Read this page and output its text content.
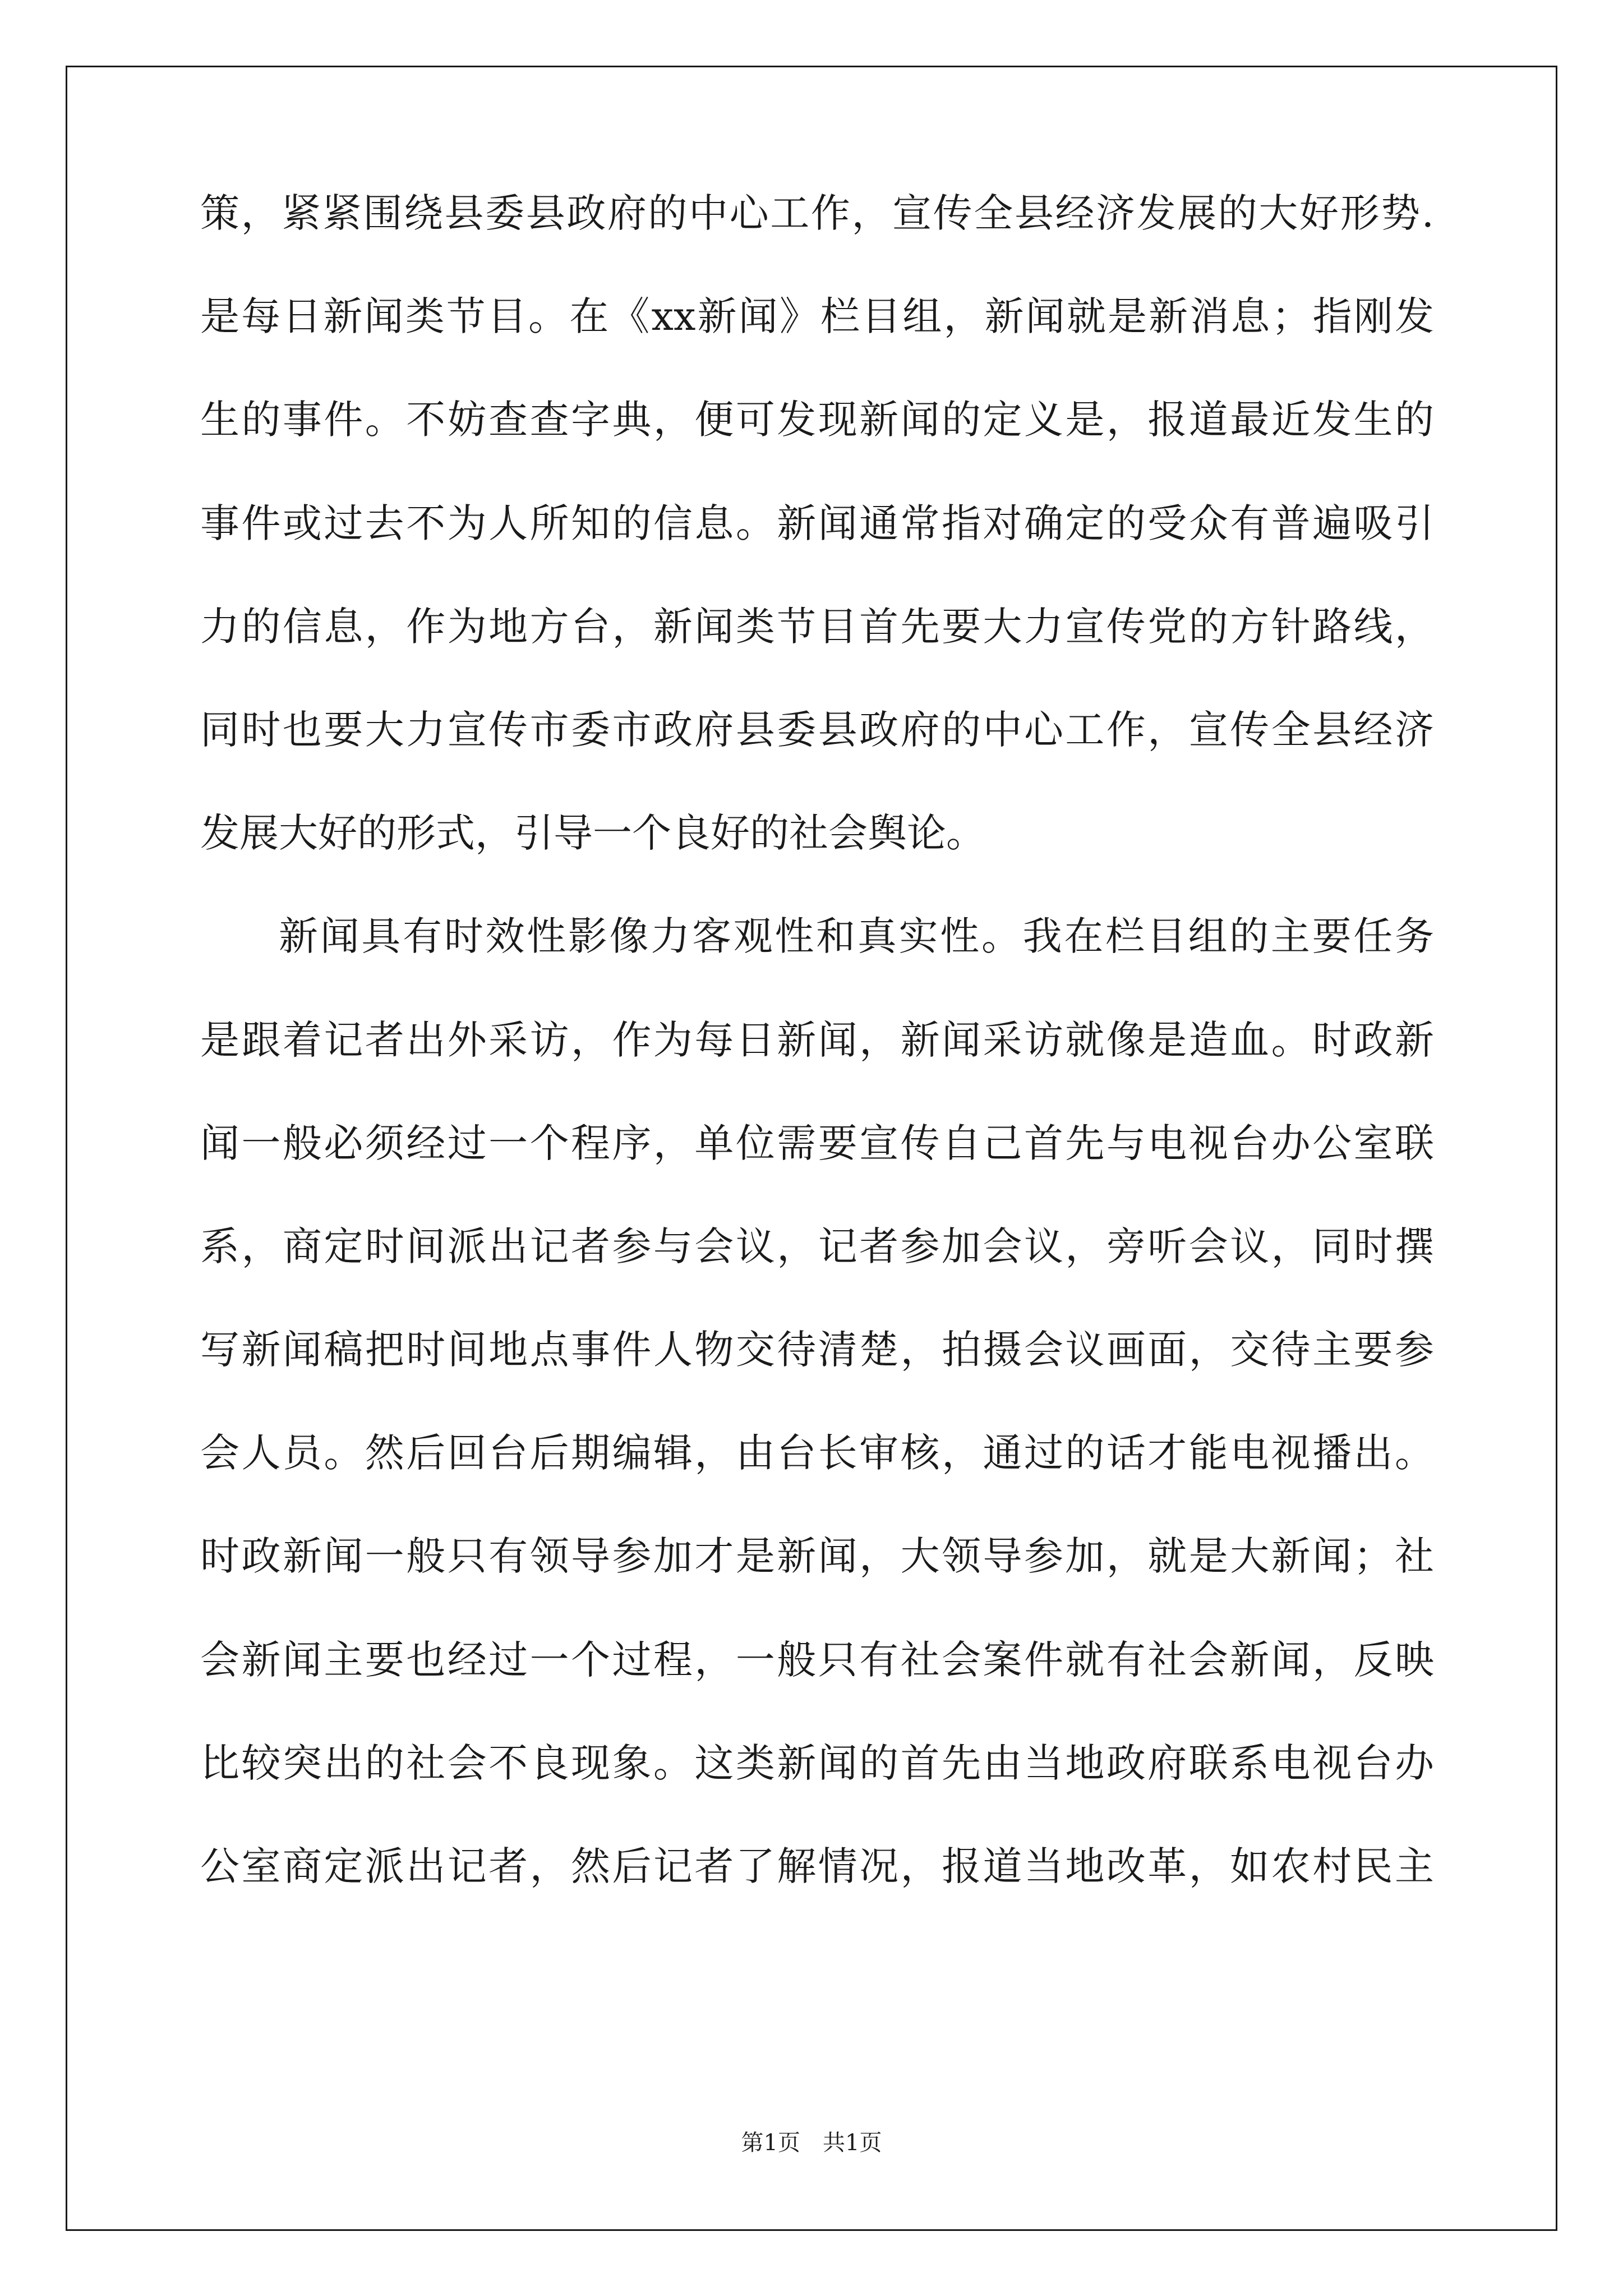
策，紧紧围绕县委县政府的中心工作，宣传全县经济发展的大好形势.
是每日新闻类节目。在《xx新闻》栏目组，新闻就是新消息；指刚发
生的事件。不妨查查字典，便可发现新闻的定义是，报道最近发生的
事件或过去不为人所知的信息。新闻通常指对确定的受众有普遍吸引
力的信息，作为地方台，新闻类节目首先要大力宣传党的方针路线，
同时也要大力宣传市委市政府县委县政府的中心工作，宣传全县经济
发展大好的形式，引导一个良好的社会舆论。
新闻具有时效性影像力客观性和真实性。我在栏目组的主要任务
是跟着记者出外采访，作为每日新闻，新闻采访就像是造血。时政新
闻一般必须经过一个程序，单位需要宣传自己首先与电视台办公室联
系，商定时间派出记者参与会议，记者参加会议，旁听会议，同时撰
写新闻稿把时间地点事件人物交待清楚，拍摄会议画面，交待主要参
会人员。然后回台后期编辑，由台长审核，通过的话才能电视播出。
时政新闻一般只有领导参加才是新闻，大领导参加，就是大新闻；社
会新闻主要也经过一个过程，一般只有社会案件就有社会新闻，反映
比较突出的社会不良现象。这类新闻的首先由当地政府联系电视台办
公室商定派出记者，然后记者了解情况，报道当地改革，如农村民主
第1页　共1页
